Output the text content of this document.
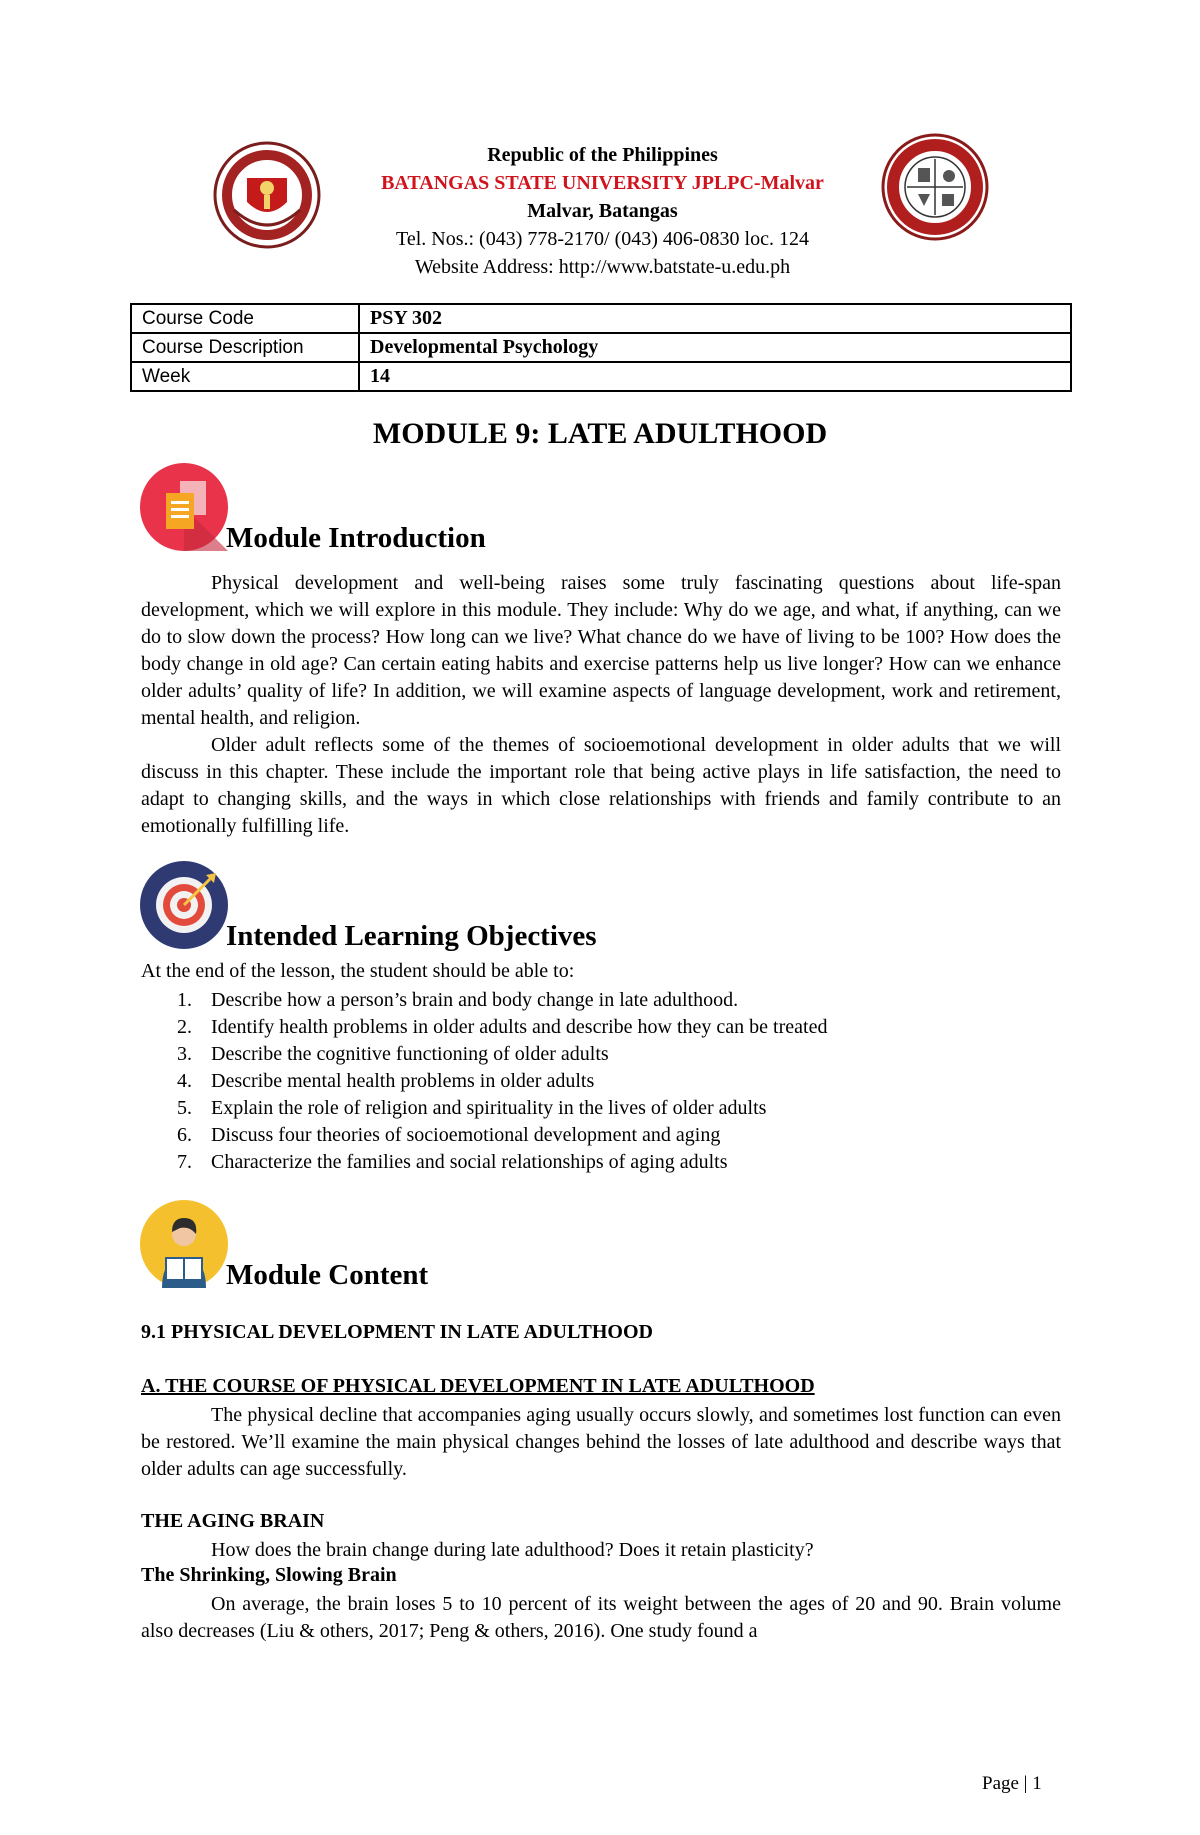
Republic of the Philippines
BATANGAS STATE UNIVERSITY JPLPC-Malvar
Malvar, Batangas
Tel. Nos.: (043) 778-2170/ (043) 406-0830 loc. 124
Website Address: http://www.batstate-u.edu.ph
Course Code	PSY 302
Course Description	Developmental Psychology
Week	14
MODULE 9: LATE ADULTHOOD
Module Introduction

Physical development and well-being raises some truly fascinating questions about life-span development, which we will explore in this module. They include: Why do we age, and what, if anything, can we do to slow down the process? How long can we live? What chance do we have of living to be 100? How does the body change in old age? Can certain eating habits and exercise patterns help us live longer? How can we enhance older adults’ quality of life? In addition, we will examine aspects of language development, work and retirement, mental health, and religion.

Older adult reflects some of the themes of socioemotional development in older adults that we will discuss in this chapter. These include the important role that being active plays in life satisfaction, the need to adapt to changing skills, and the ways in which close relationships with friends and family contribute to an emotionally fulfilling life.

Intended Learning Objectives
At the end of the lesson, the student should be able to:
1. Describe how a person’s brain and body change in late adulthood.
2. Identify health problems in older adults and describe how they can be treated
3. Describe the cognitive functioning of older adults
4. Describe mental health problems in older adults
5. Explain the role of religion and spirituality in the lives of older adults
6. Discuss four theories of socioemotional development and aging
7. Characterize the families and social relationships of aging adults
Module Content
9.1 PHYSICAL DEVELOPMENT IN LATE ADULTHOOD
A. THE COURSE OF PHYSICAL DEVELOPMENT IN LATE ADULTHOOD

The physical decline that accompanies aging usually occurs slowly, and sometimes lost function can even be restored. We’ll examine the main physical changes behind the losses of late adulthood and describe ways that older adults can age successfully.

THE AGING BRAIN

How does the brain change during late adulthood? Does it retain plasticity?

The Shrinking, Slowing Brain

On average, the brain loses 5 to 10 percent of its weight between the ages of 20 and 90. Brain volume also decreases (Liu & others, 2017; Peng & others, 2016). One study found a

Page | 1
